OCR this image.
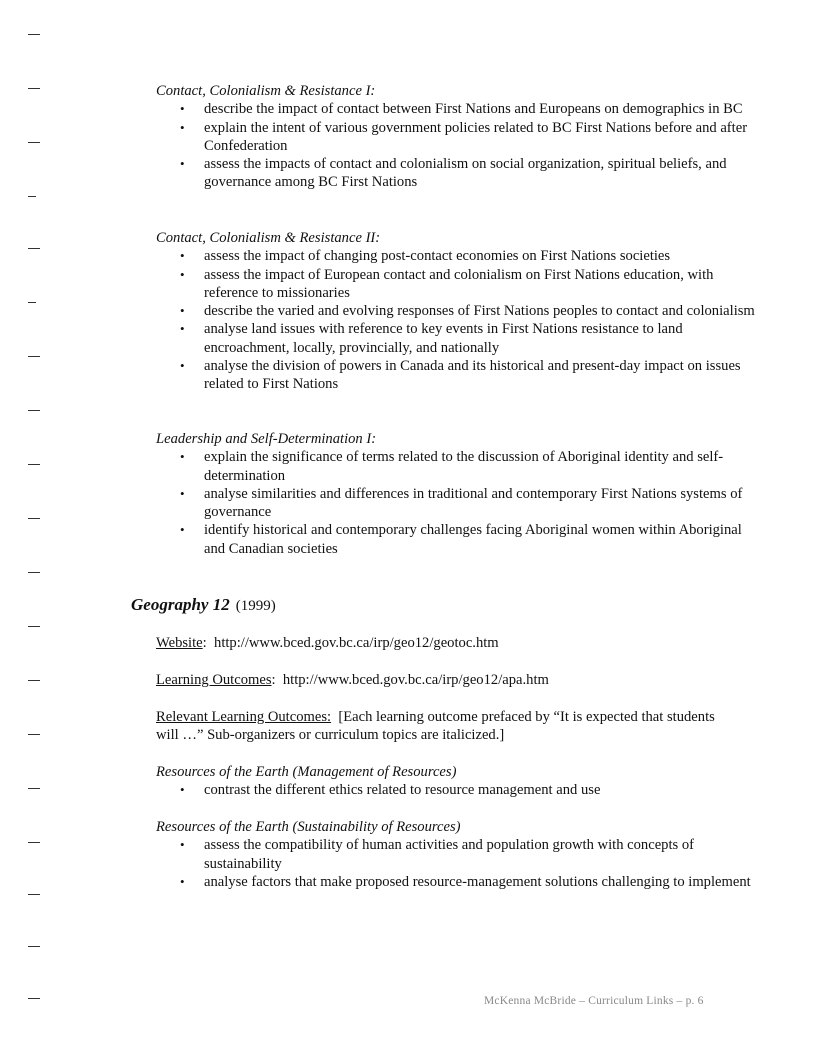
Contact, Colonialism & Resistance I:

• describe the impact of contact between First Nations and Europeans on demographics in BC
• explain the intent of various government policies related to BC First Nations before and after Confederation
• assess the impacts of contact and colonialism on social organization, spiritual beliefs, and governance among BC First Nations

Contact, Colonialism & Resistance II:

• assess the impact of changing post-contact economies on First Nations societies
• assess the impact of European contact and colonialism on First Nations education, with reference to missionaries
• describe the varied and evolving responses of First Nations peoples to contact and colonialism
• analyse land issues with reference to key events in First Nations resistance to land encroachment, locally, provincially, and nationally
• analyse the division of powers in Canada and its historical and present-day impact on issues related to First Nations

Leadership and Self-Determination I:

• explain the significance of terms related to the discussion of Aboriginal identity and self-determination
• analyse similarities and differences in traditional and contemporary First Nations systems of governance
• identify historical and contemporary challenges facing Aboriginal women within Aboriginal and Canadian societies
Geography 12 (1999)
Website:  http://www.bced.gov.bc.ca/irp/geo12/geotoc.htm
Learning Outcomes:  http://www.bced.gov.bc.ca/irp/geo12/apa.htm
Relevant Learning Outcomes: [Each learning outcome prefaced by “It is expected that students will …” Sub-organizers or curriculum topics are italicized.]

Resources of the Earth (Management of Resources)

• contrast the different ethics related to resource management and use

Resources of the Earth (Sustainability of Resources)

• assess the compatibility of human activities and population growth with concepts of sustainability
• analyse factors that make proposed resource-management solutions challenging to implement
McKenna McBride – Curriculum Links – p. 6
